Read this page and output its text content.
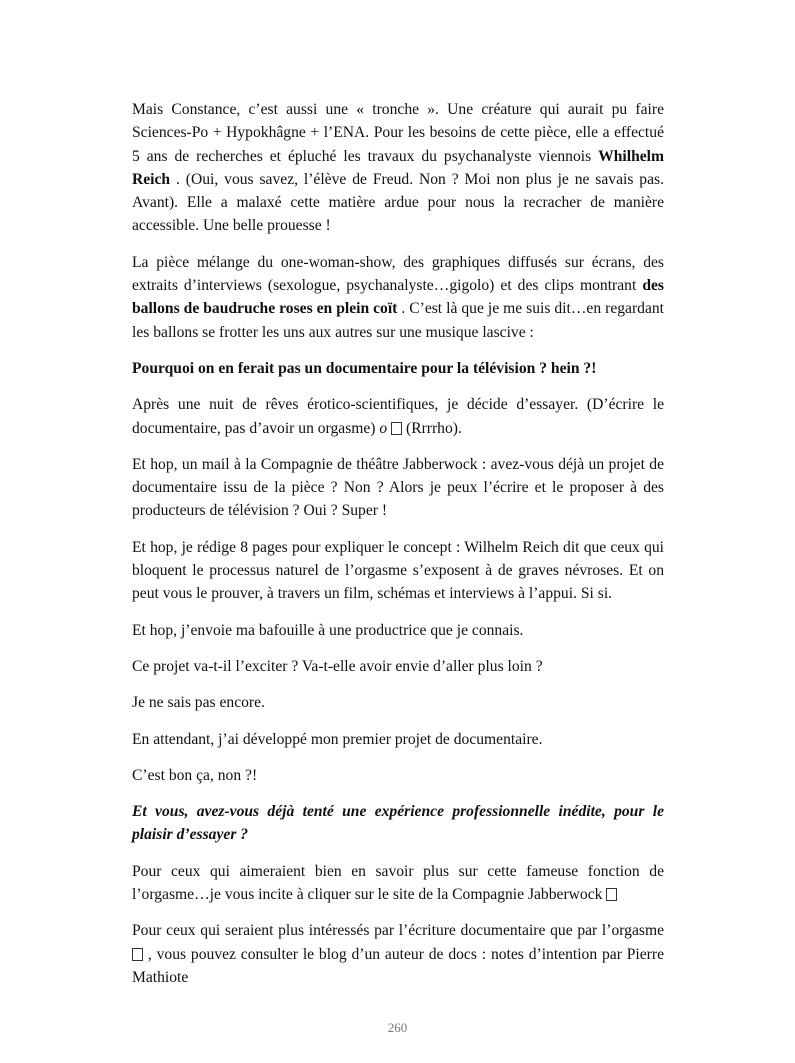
Mais Constance, c’est aussi une « tronche ». Une créature qui aurait pu faire Sciences-Po + Hypokhâgne + l’ENA. Pour les besoins de cette pièce, elle a effectué 5 ans de recherches et épluché les travaux du psychanalyste viennois Whilhelm Reich . (Oui, vous savez, l’élève de Freud. Non ? Moi non plus je ne savais pas. Avant). Elle a malaxé cette matière ardue pour nous la recracher de manière accessible. Une belle prouesse !

La pièce mélange du one-woman-show, des graphiques diffusés sur écrans, des extraits d’interviews (sexologue, psychanalyste…gigolo) et des clips montrant des ballons de baudruche roses en plein coït . C’est là que je me suis dit…en regardant les ballons se frotter les uns aux autres sur une musique lascive :

Pourquoi on en ferait pas un documentaire pour la télévision ? hein ?!

Après une nuit de rêves érotico-scientifiques, je décide d’essayer. (D’écrire le documentaire, pas d’avoir un orgasme) o  (Rrrrho).

Et hop, un mail à la Compagnie de théâtre Jabberwock : avez-vous déjà un projet de documentaire issu de la pièce ? Non ? Alors je peux l’écrire et le proposer à des producteurs de télévision ? Oui ? Super !

Et hop, je rédige 8 pages pour expliquer le concept : Wilhelm Reich dit que ceux qui bloquent le processus naturel de l’orgasme s’exposent à de graves névroses. Et on peut vous le prouver, à travers un film, schémas et interviews à l’appui. Si si.

Et hop, j’envoie ma bafouille à une productrice que je connais.

Ce projet va-t-il l’exciter ? Va-t-elle avoir envie d’aller plus loin ?

Je ne sais pas encore.

En attendant, j’ai développé mon premier projet de documentaire.

C’est bon ça, non ?!

Et vous, avez-vous déjà tenté une expérience professionnelle inédite, pour le plaisir d’essayer ?

Pour ceux qui aimeraient bien en savoir plus sur cette fameuse fonction de l’orgasme…je vous incite à cliquer sur le site de la Compagnie Jabberwock

Pour ceux qui seraient plus intéressés par l’écriture documentaire que par l’orgasme  , vous pouvez consulter le blog d’un auteur de docs : notes d’intention par Pierre Mathiote

260
